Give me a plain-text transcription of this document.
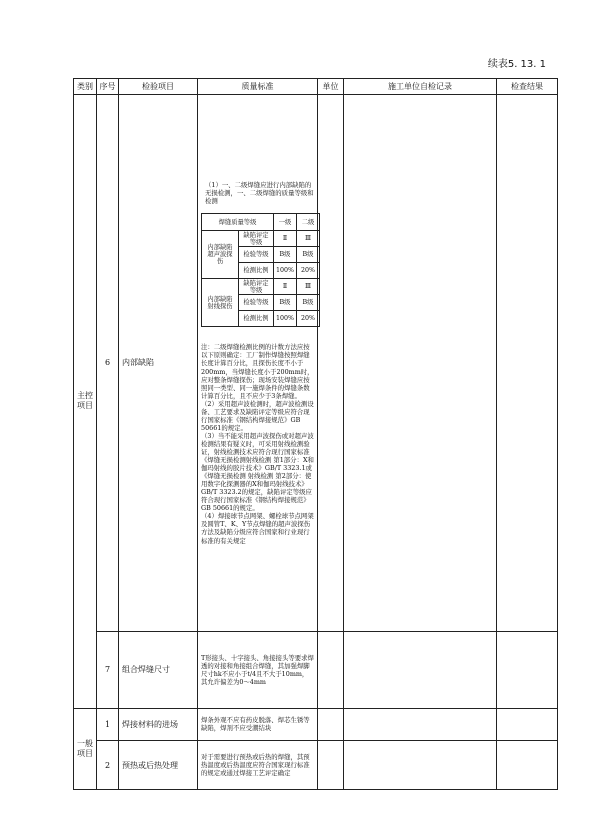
续表5. 13. 1
类别	序号	检验项目	质量标准	单位	施工单位自检记录	检查结果
主控项目	6	内部缺陷	

（1）一、二级焊缝应进行内部缺陷的无损检测，一、二级焊缝的质量等级和检测

焊缝质量等级	一级	二级
内部缺陷超声波探伤	缺陷评定等级	Ⅱ	Ⅲ
检验等级	B级	B级
检测比例	100%	20%
内部缺陷射线探伤	缺陷评定等级	Ⅱ	Ⅲ
检验等级	B级	B级
检测比例	100%	20%

注：二级焊缝检测比例的计数方法应按以下原则确定：工厂制作焊缝按照焊缝长度计算百分比，且探伤长度不小于200mm，当焊缝长度小于200mm时，应对整条焊缝探伤；现场安装焊缝应按照同一类型、同一施焊条件的焊缝条数计算百分比，且不应少于3条焊缝。

（2）采用超声波检测时，超声波检测设备、工艺要求及缺陷评定等级应符合现行国家标准《钢结构焊接规范》GB 50661的规定。

（3）当不能采用超声波探伤或对超声波检测结果有疑义时，可采用射线检测验证，射线检测技术应符合现行国家标准《焊缝无损检测射线检测 第1部分：X和伽玛射线的胶片技术》GB/T 3323.1或《焊缝无损检测 射线检测 第2部分：使用数字化探测器的X和伽玛射线技术》GB/T 3323.2的规定，缺陷评定等级应符合现行国家标准《钢结构焊接规范》GB 50661的规定。

（4）焊接球节点网架、螺栓球节点网架及圆管T、K、Y节点焊缝的超声波探伤方法及缺陷分级应符合国家和行业现行标准的有关规定

7	组合焊缝尺寸	T形接头、十字接头、角接接头等要求焊透的对接和角接组合焊缝，其加强焊脚尺寸hk不应小于t/4且不大于10mm，其允许偏差为0～4mm			
一般项目	1	焊接材料的进场	焊条外观不应有药皮脱落、焊芯生锈等缺陷，焊剂不应受潮结块			
2	预热或后热处理	对于需要进行预热或后热的焊缝，其预热温度或后热温度应符合国家现行标准的规定或通过焊接工艺评定确定			
